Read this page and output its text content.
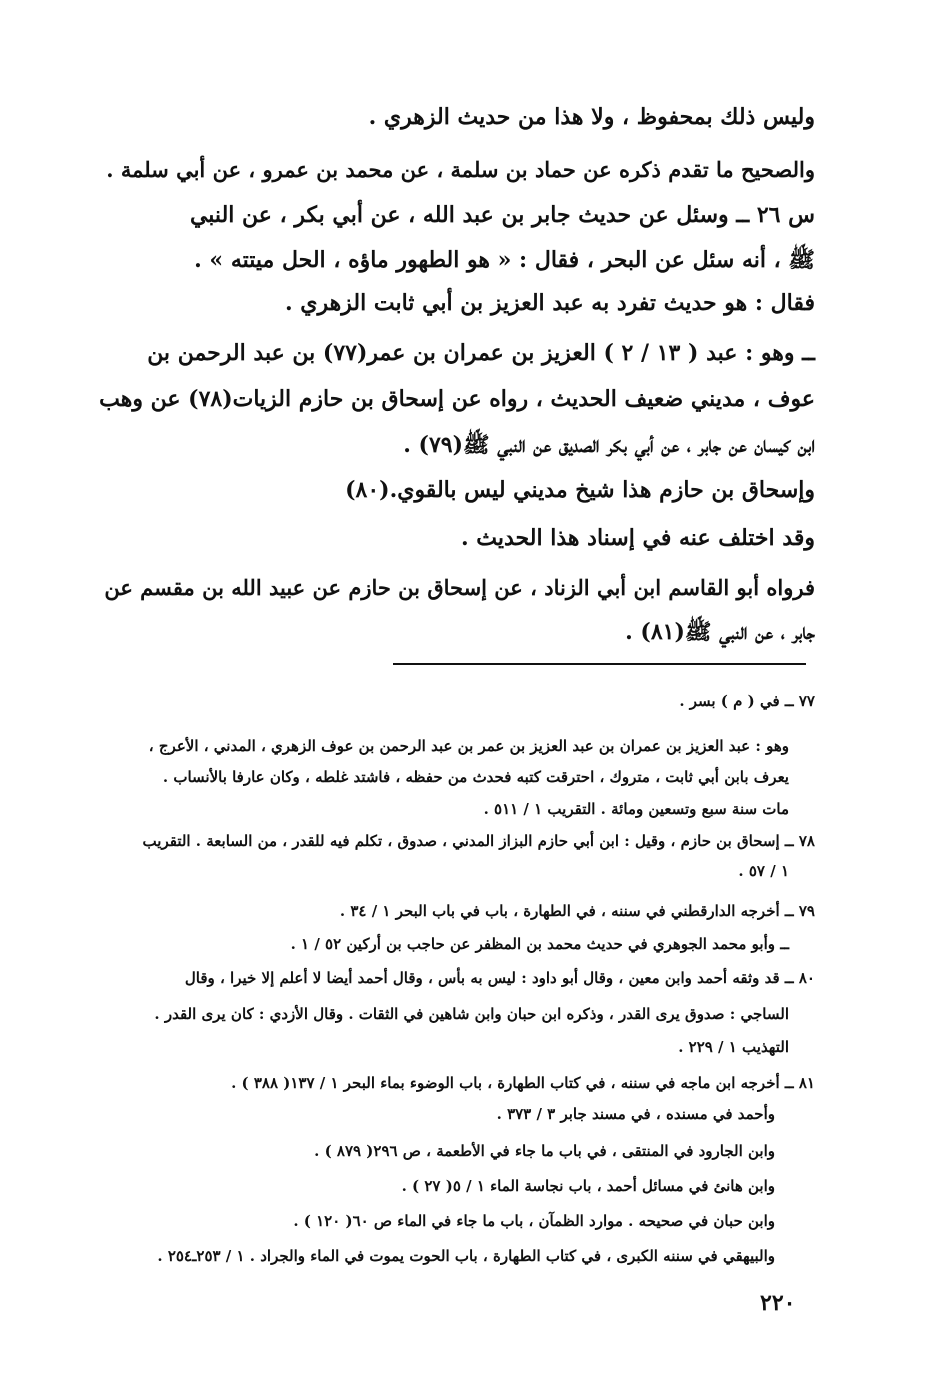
وليس ذلك بمحفوظ ، ولا هذا من حديث الزهري .
والصحيح ما تقدم ذكره عن حماد بن سلمة ، عن محمد بن عمرو ، عن أبي سلمة .
س ٢٦ ــ وسئل عن حديث جابر بن عبد الله ، عن أبي بكر ، عن النبي
ﷺ ، أنه سئل عن البحر ، فقال : « هو الطهور ماؤه ، الحل ميتته » .
فقال : هو حديث تفرد به عبد العزيز بن أبي ثابت الزهري .
ــ وهو : عبد ( ١٣ / ٢ ) العزيز بن عمران بن عمر(٧٧) بن عبد الرحمن بن
عوف ، مديني ضعيف الحديث ، رواه عن إسحاق بن حازم الزيات(٧٨) عن وهب
ابن كيسان عن جابر ، عن أبي بكر الصديق عن النبي ﷺ(٧٩) .
وإسحاق بن حازم هذا شيخ مديني ليس بالقوي.(٨٠)
وقد اختلف عنه في إسناد هذا الحديث .
فرواه أبو القاسم ابن أبي الزناد ، عن إسحاق بن حازم عن عبيد الله بن مقسم عن
جابر ، عن النبي ﷺ(٨١) .
٧٧ ــ في ( م ) بسر .
وهو : عبد العزيز بن عمران بن عبد العزيز بن عمر بن عبد الرحمن بن عوف الزهري ، المدني ، الأعرج ،
يعرف بابن أبي ثابت ، متروك ، احترقت كتبه فحدث من حفظه ، فاشتد غلطه ، وكان عارفا بالأنساب .
مات سنة سبع وتسعين ومائة . التقريب ١ / ٥١١ .
٧٨ ــ إسحاق بن حازم ، وقيل : ابن أبي حازم البزاز المدني ، صدوق ، تكلم فيه للقدر ، من السابعة . التقريب
١ / ٥٧ .
٧٩ ــ أخرجه الدارقطني في سننه ، في الطهارة ، باب في باب البحر ١ / ٣٤ .
ــ وأبو محمد الجوهري في حديث محمد بن المظفر عن حاجب بن أركين ٥٢ / ١ .
٨٠ ــ قد وثقه أحمد وابن معين ، وقال أبو داود : ليس به بأس ، وقال أحمد أيضا لا أعلم إلا خيرا ، وقال
الساجي : صدوق يرى القدر ، وذكره ابن حبان وابن شاهين في الثقات . وقال الأزدي : كان يرى القدر .
التهذيب ١ / ٢٢٩ .
٨١ ــ أخرجه ابن ماجه في سننه ، في كتاب الطهارة ، باب الوضوء بماء البحر ١ / ١٣٧( ٣٨٨ ) .
وأحمد في مسنده ، في مسند جابر ٣ / ٣٧٣ .
وابن الجارود في المنتقى ، في باب ما جاء في الأطعمة ، ص ٢٩٦( ٨٧٩ ) .
وابن هانئ في مسائل أحمد ، باب نجاسة الماء ١ / ٥( ٢٧ ) .
وابن حبان في صحيحه . موارد الظمآن ، باب ما جاء في الماء ص ٦٠( ١٢٠ ) .
والبيهقي في سننه الكبرى ، في كتاب الطهارة ، باب الحوت يموت في الماء والجراد . ١ / ٢٥٣ـ٢٥٤ .
٢٢٠
